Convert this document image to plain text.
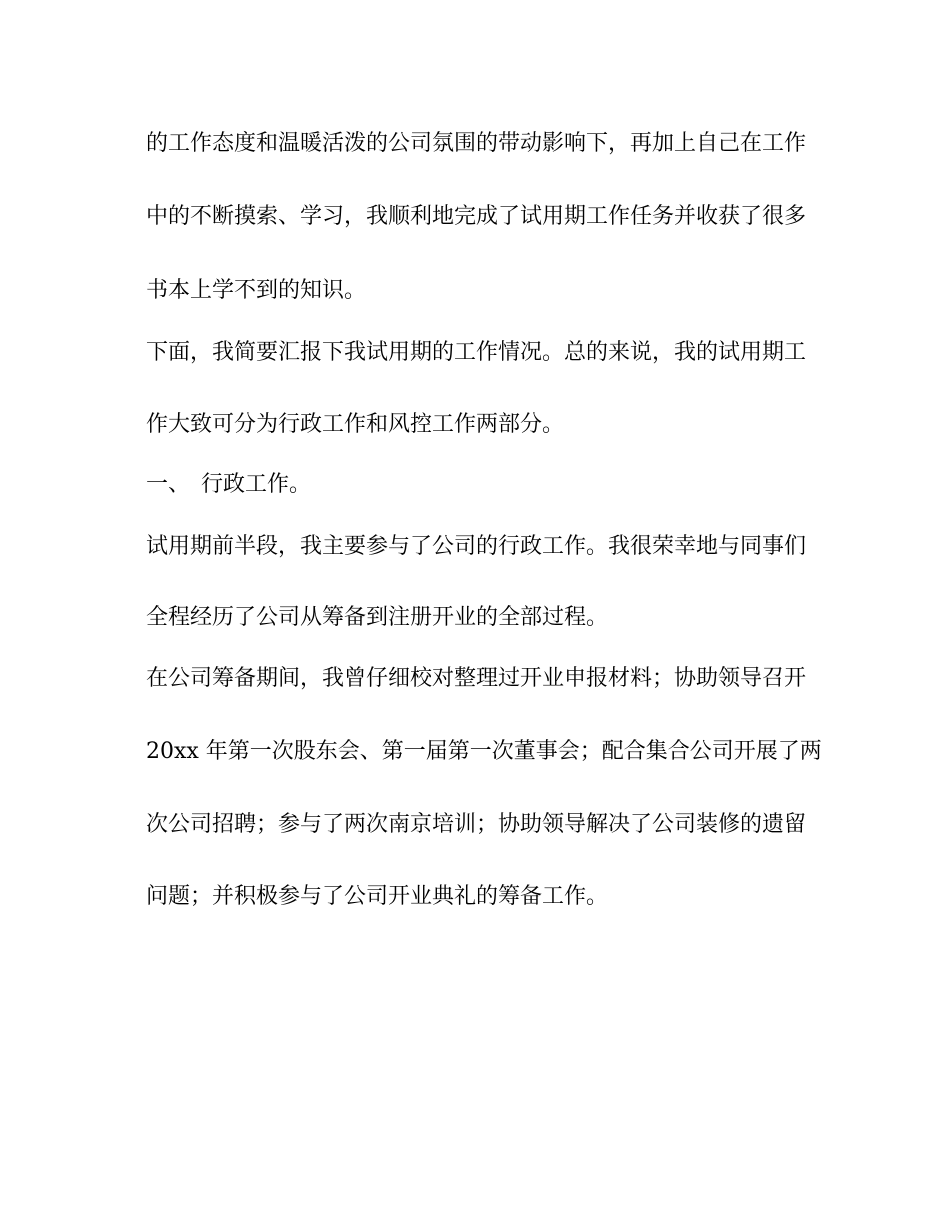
的工作态度和温暖活泼的公司氛围的带动影响下，再加上自己在工作

中的不断摸索、学习，我顺利地完成了试用期工作任务并收获了很多

书本上学不到的知识。

下面，我简要汇报下我试用期的工作情况。总的来说，我的试用期工

作大致可分为行政工作和风控工作两部分。

一、　行政工作。

试用期前半段，我主要参与了公司的行政工作。我很荣幸地与同事们

全程经历了公司从筹备到注册开业的全部过程。

在公司筹备期间，我曾仔细校对整理过开业申报材料；协助领导召开

20xx 年第一次股东会、第一届第一次董事会；配合集合公司开展了两

次公司招聘；参与了两次南京培训；协助领导解决了公司装修的遗留

问题；并积极参与了公司开业典礼的筹备工作。
